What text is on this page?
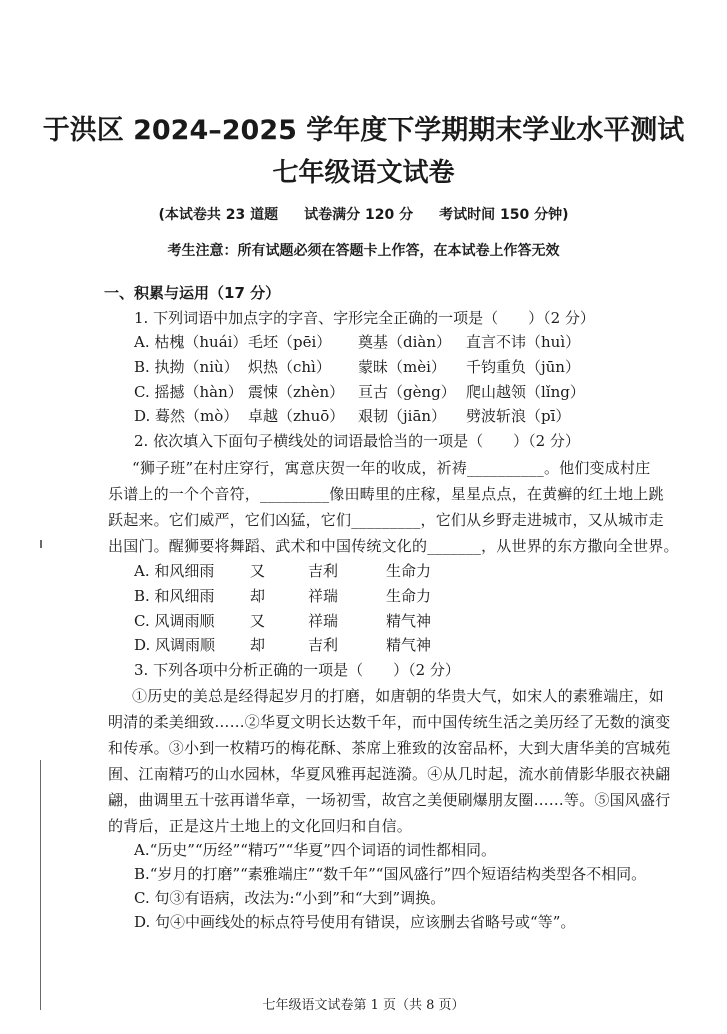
于洪区 2024–2025 学年度下学期期末学业水平测试
七年级语文试卷
(本试卷共 23 道题 试卷满分 120 分 考试时间 150 分钟)
考生注意：所有试题必须在答题卡上作答，在本试卷上作答无效
一、积累与运用（17 分）
1. 下列词语中加点字的字音、字形完全正确的一项是（　　）（2 分）
A. 枯槐（huái） 毛坯（pēi） 奠基（diàn） 直言不讳（huì）
B. 执拗（niù） 炽热（chì） 蒙昧（mèi） 千钧重负（jūn）
C. 摇撼（hàn） 震悚（zhèn） 亘古（gèng） 爬山越领（lǐng）
D. 蓦然（mò） 卓越（zhuō） 艰韧（jiān） 劈波斩浪（pī）
2. 依次填入下面句子横线处的词语最恰当的一项是（　　）（2 分）
“狮子班”在村庄穿行，寓意庆贺一年的收成，祈祷__________。他们变成村庄
乐谱上的一个个音符，_________像田畴里的庄稼，星星点点，在黄癣的红土地上跳
跃起来。它们威严，它们凶猛，它们_________，它们从乡野走进城市，又从城市走
出国门。醒狮要将舞蹈、武术和中国传统文化的_______，从世界的东方撒向全世界。
A. 和风细雨 又	吉利	生命力
B. 和风细雨 却	祥瑞	生命力
C. 风调雨顺 又	祥瑞	精气神
D. 风调雨顺 却	吉利	精气神
3. 下列各项中分析正确的一项是（　　）（2 分）
①历史的美总是经得起岁月的打磨，如唐朝的华贵大气，如宋人的素雅端庄，如
明清的柔美细致……②华夏文明长达数千年，而中国传统生活之美历经了无数的演变
和传承。③小到一枚精巧的梅花酥、茶席上雅致的汝窑品杯，大到大唐华美的宫城苑
囿、江南精巧的山水园林，华夏风雅再起涟漪。④从几时起，流水前倩影华服衣袂翩
翩，曲调里五十弦再谱华章，一场初雪，故宫之美便刷爆朋友圈……等。⑤国风盛行
的背后，正是这片土地上的文化回归和自信。
A.“历史”“历经”“精巧”“华夏”四个词语的词性都相同。
B.“岁月的打磨”“素雅端庄”“数千年”“国风盛行”四个短语结构类型各不相同。
C. 句③有语病，改法为:“小到”和“大到”调换。
D. 句④中画线处的标点符号使用有错误，应该删去省略号或“等”。
七年级语文试卷第 1 页（共 8 页）
